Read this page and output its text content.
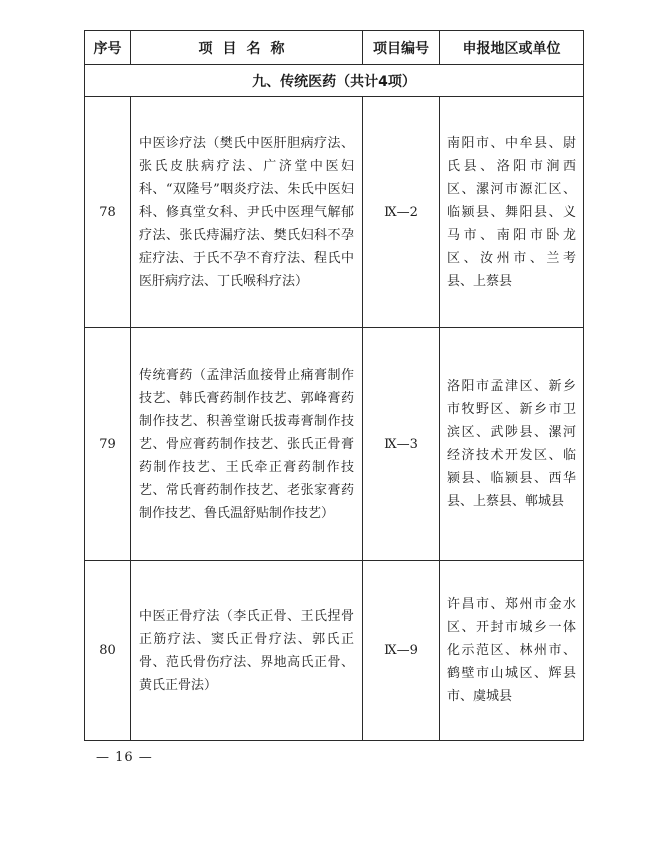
序号	项目名称	项目编号	申报地区或单位
九、传统医药（共计4项）			
78	中医诊疗法（樊氏中医肝胆病疗法、张氏皮肤病疗法、广济堂中医妇科、“双隆号”咽炎疗法、朱氏中医妇科、修真堂女科、尹氏中医理气解郁疗法、张氏痔漏疗法、樊氏妇科不孕症疗法、于氏不孕不育疗法、程氏中医肝病疗法、丁氏喉科疗法）	Ⅸ—2	南阳市、中牟县、尉氏县、洛阳市涧西区、漯河市源汇区、临颍县、舞阳县、义马市、南阳市卧龙区、汝州市、兰考县、上蔡县
79	传统膏药（孟津活血接骨止痛膏制作技艺、韩氏膏药制作技艺、郭峰膏药制作技艺、积善堂谢氏拔毒膏制作技艺、骨应膏药制作技艺、张氏正骨膏药制作技艺、王氏牵正膏药制作技艺、常氏膏药制作技艺、老张家膏药制作技艺、鲁氏温舒贴制作技艺）	Ⅸ—3	洛阳市孟津区、新乡市牧野区、新乡市卫滨区、武陟县、漯河经济技术开发区、临颍县、临颍县、西华县、上蔡县、郸城县
80	中医正骨疗法（李氏正骨、王氏捏骨正筋疗法、窦氏正骨疗法、郭氏正骨、范氏骨伤疗法、界地高氏正骨、黄氏正骨法）	Ⅸ—9	许昌市、郑州市金水区、开封市城乡一体化示范区、林州市、鹤壁市山城区、辉县市、虞城县
— 16 —
